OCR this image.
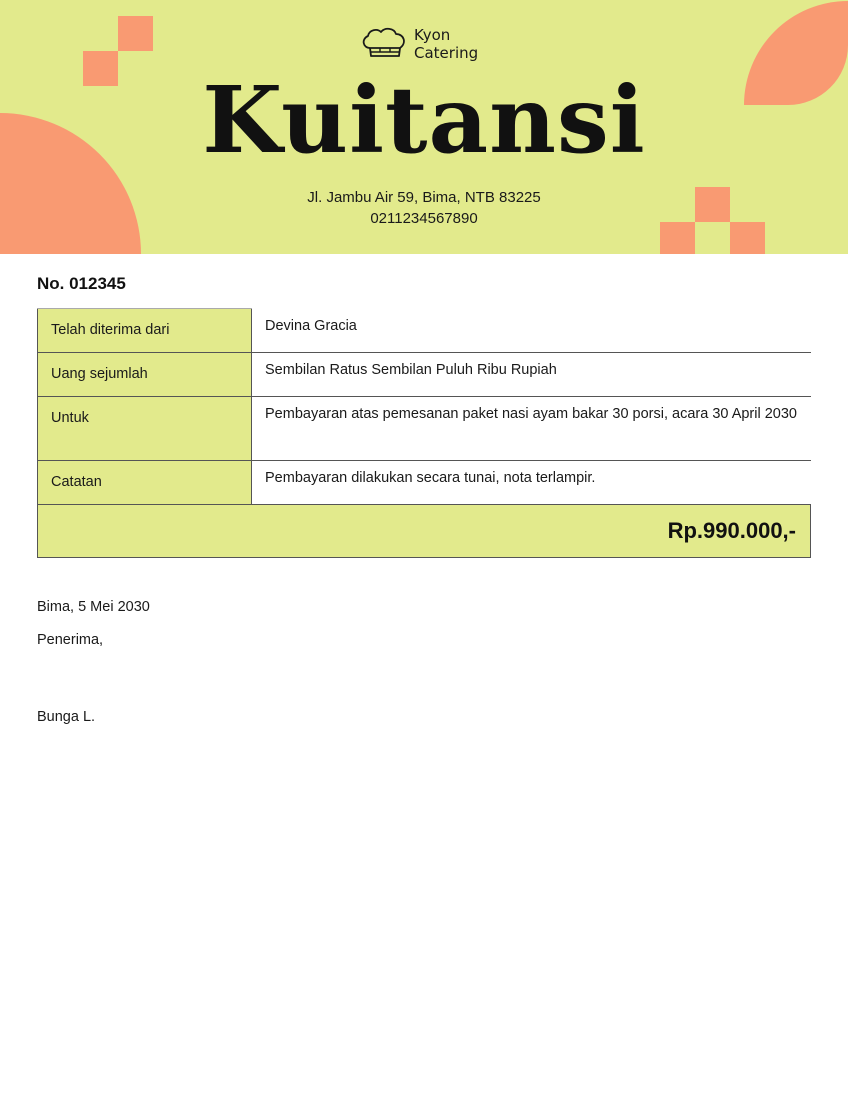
Kyon
Catering
Kuitansi
Jl. Jambu Air 59, Bima, NTB 83225
0211234567890
No. 012345
Telah diterima dari	Devina Gracia
Uang sejumlah	Sembilan Ratus Sembilan Puluh Ribu Rupiah
Untuk	Pembayaran atas pemesanan paket nasi ayam bakar 30 porsi, acara 30 April 2030
Catatan	Pembayaran dilakukan secara tunai, nota terlampir.
Rp.990.000,-	
Bima, 5 Mei 2030
Penerima,
Bunga L.
